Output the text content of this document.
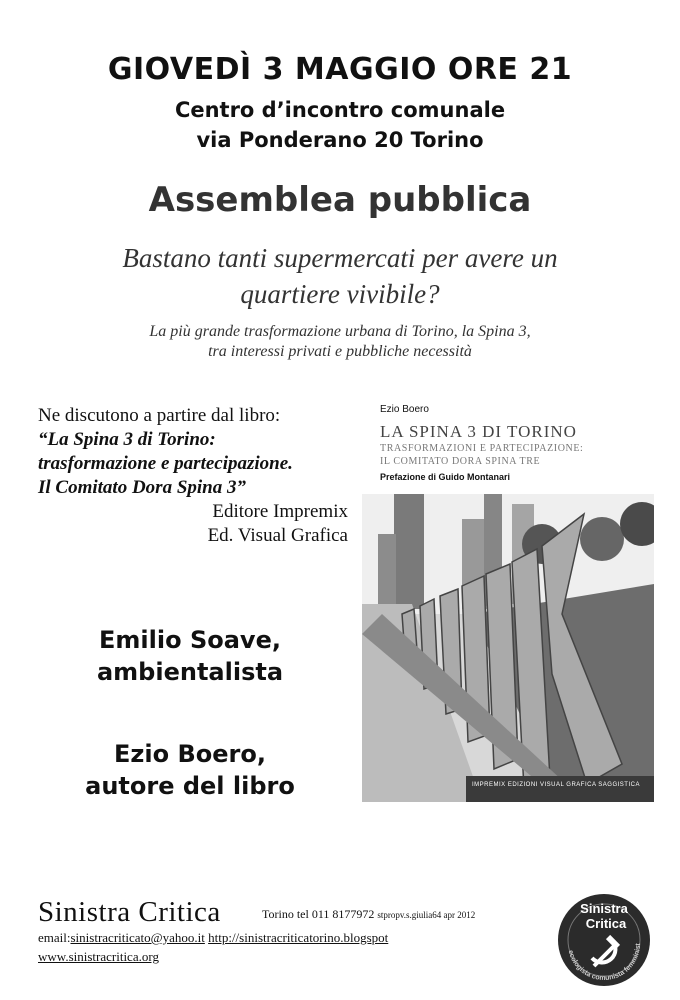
GIOVEDÌ 3 MAGGIO ORE 21
Centro d’incontro comunale
via Ponderano 20 Torino
Assemblea pubblica
Bastano tanti supermercati per avere un
quartiere vivibile?
La più grande trasformazione urbana di Torino, la Spina 3,
tra interessi privati e pubbliche necessità
Ne discutono a partire dal libro:
“La Spina 3 di Torino:
trasformazione e partecipazione.
Il Comitato Dora Spina 3”
Editore Impremix
Ed. Visual Grafica
Emilio Soave,
ambientalista
Ezio Boero,
autore del libro
Ezio Boero
LA SPINA 3 DI TORINO
TRASFORMAZIONI E PARTECIPAZIONE:
IL COMITATO DORA SPINA TRE
Prefazione di Guido Montanari
IMPREMIX EDIZIONI VISUAL GRAFICA SAGGISTICA
Sinistra Critica	Torino tel 011 8177972 stpropv.s.giulia64 apr 2012
email:sinistracriticato@yahoo.it http://sinistracriticatorino.blogspot
www.sinistracritica.org
Sinistra
Critica
ecologista comunista femminist
